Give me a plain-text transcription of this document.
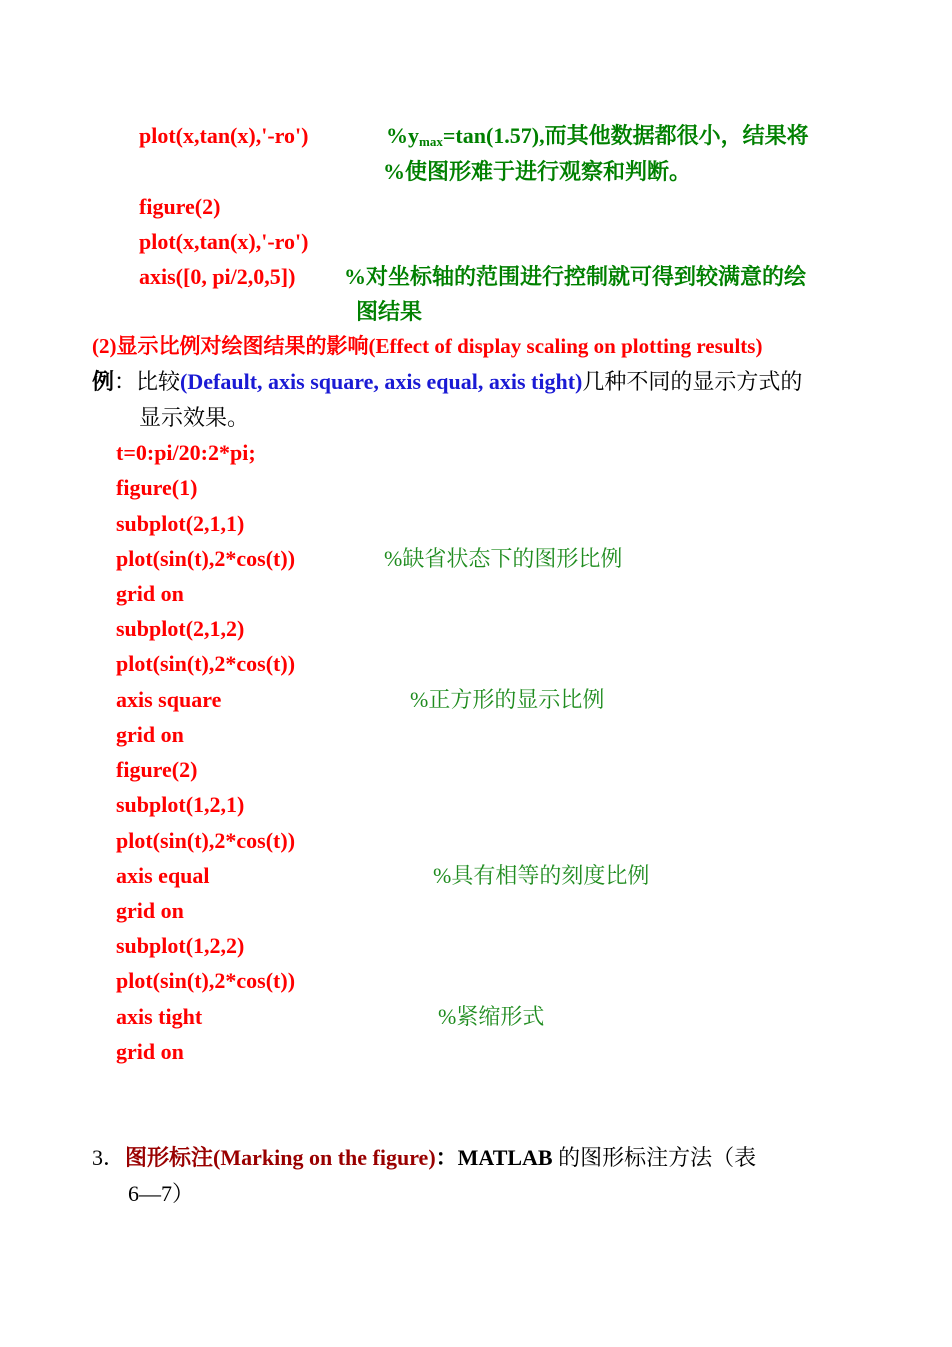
plot(x,tan(x),'-ro')	$\%y_{max}=\tan(1.57)$,而其他数据都很小，结果将
%使图形难于进行观察和判断。
figure(2)
plot(x,tan(x),'-ro')
axis([0, pi/2,0,5]) %对坐标轴的范围进行控制就可得到较满意的绘
图结果
(2)显示比例对绘图结果的影响(Effect of display scaling on plotting results)
例：比较(Default, axis square, axis equal, axis tight)几种不同的显示方式的
显示效果。
t=0:pi/20:2*pi;
figure(1)
subplot(2,1,1)
plot(sin(t),2*cos(t))	%缺省状态下的图形比例
grid on
subplot(2,1,2)
plot(sin(t),2*cos(t))
axis square	%正方形的显示比例
grid on
figure(2)
subplot(1,2,1)
plot(sin(t),2*cos(t))
axis equal	%具有相等的刻度比例
grid on
subplot(1,2,2)
plot(sin(t),2*cos(t))
axis tight	%紧缩形式
grid on
3．图形标注(Marking on the figure)：MATLAB 的图形标注方法（表
6—7）
